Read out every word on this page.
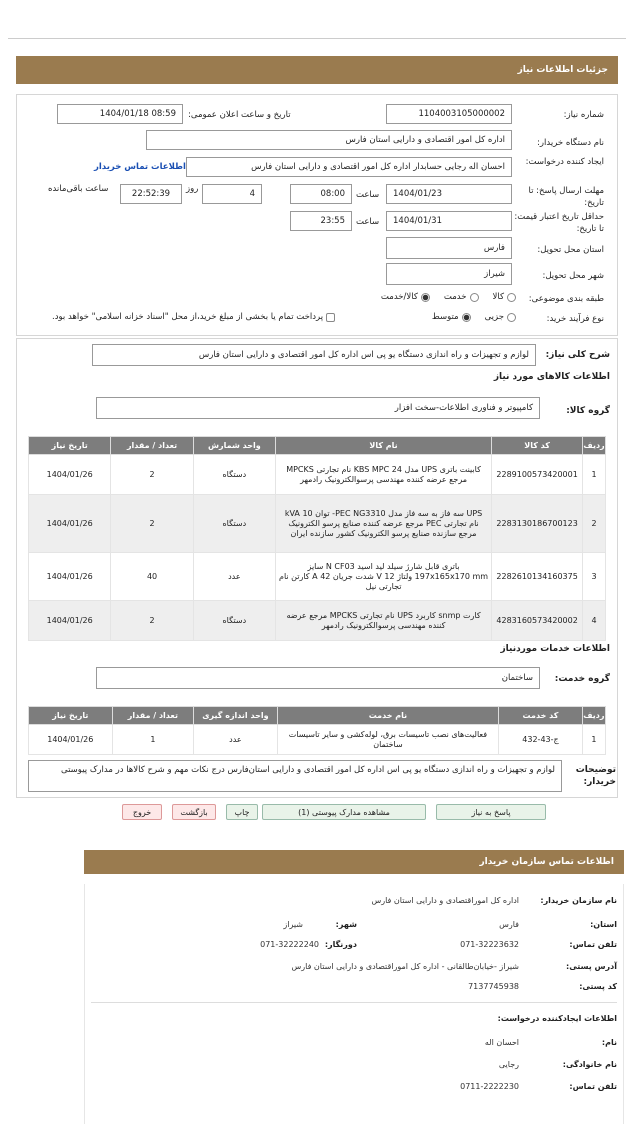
جزئیات اطلاعات نیاز
شماره نیاز:
1104003105000002
تاریخ و ساعت اعلان عمومی:
1404/01/18 08:59
نام دستگاه خریدار:
اداره کل امور اقتصادی و دارایی استان فارس
ایجاد کننده درخواست:
احسان اله رجایی حسابدار اداره کل امور اقتصادی و دارایی استان فارس
اطلاعات تماس خریدار
مهلت ارسال پاسخ: تا تاریخ:
1404/01/23
ساعت
08:00
4
روز
22:52:39
ساعت باقی‌مانده
حداقل تاریخ اعتبار قیمت: تا تاریخ:
1404/01/31
ساعت
23:55
استان محل تحویل:
فارس
شهر محل تحویل:
شیراز
طبقه بندی موضوعی:
کالا
خدمت
کالا/خدمت
نوع فرآیند خرید:
جزیی
متوسط
پرداخت تمام یا بخشی از مبلغ خرید،از محل "اسناد خزانه اسلامی" خواهد بود.
شرح کلی نیاز:
لوازم و تجهیزات و راه اندازی دستگاه یو پی اس اداره کل امور اقتصادی و دارایی استان فارس
اطلاعات کالاهای مورد نیاز
گروه کالا:
کامپیوتر و فناوری اطلاعات-سخت افزار
ردیف	کد کالا	نام کالا	واحد شمارش	تعداد / مقدار	تاریخ نیاز
1	2289100573420001	کابینت باتری UPS مدل KBS MPC 24 نام تجارتی MPCKS مرجع عرضه کننده مهندسی پرسوالکترونیک رادمهر	دستگاه	2	1404/01/26
2	2283130186700123	UPS سه فاز به سه فاز مدل PEC NG3310- توان 10 kVA نام تجارتی PEC مرجع عرضه کننده صنایع پرسو الکترونیک مرجع سازنده صنایع پرسو الکترونیک کشور سازنده ایران	دستگاه	2	1404/01/26
3	2282610134160375	باتری قابل شارژ سیلد لید اسید N CF03 سایز 197x165x170 mm ولتاژ 12 V شدت جریان 42 A کارتن نام تجارتی نیل	عدد	40	1404/01/26
4	4283160573420002	کارت snmp کاربرد UPS نام تجارتی MPCKS مرجع عرضه کننده مهندسی پرسوالکترونیک رادمهر	دستگاه	2	1404/01/26
اطلاعات خدمات مورد‌نیاز
گروه خدمت:
ساختمان
ردیف	کد خدمت	نام خدمت	واحد اندازه گیری	تعداد / مقدار	تاریخ نیاز
1	ج-43-432	فعالیت‌های نصب تاسیسات برق، لوله‌کشی و سایر تاسیسات ساختمان	عدد	1	1404/01/26
توضیحات خریدار:
لوازم و تجهیزات و راه اندازی دستگاه یو پی اس اداره کل امور اقتصادی و دارایی استان‌فارس درج نکات مهم و شرح کالاها در مدارک پیوستی
پاسخ به نیاز
مشاهده مدارک پیوستی (1)
چاپ
بازگشت
خروج
اطلاعات تماس سازمان خریدار
نام سازمان خریدار:
اداره کل اموراقتصادی و دارایی استان فارس
استان:
فارس
شهر:
شیراز
تلفن تماس:
071-32223632
دورنگار:
071-32222240
آدرس پستی:
شیراز -خیابان‌طالقانی - اداره کل اموراقتصادی و دارایی استان فارس
کد پستی:
7137745938
اطلاعات ایجادکننده درخواست:
نام:
احسان اله
نام خانوادگی:
رجایی
تلفن تماس:
0711-2222230
